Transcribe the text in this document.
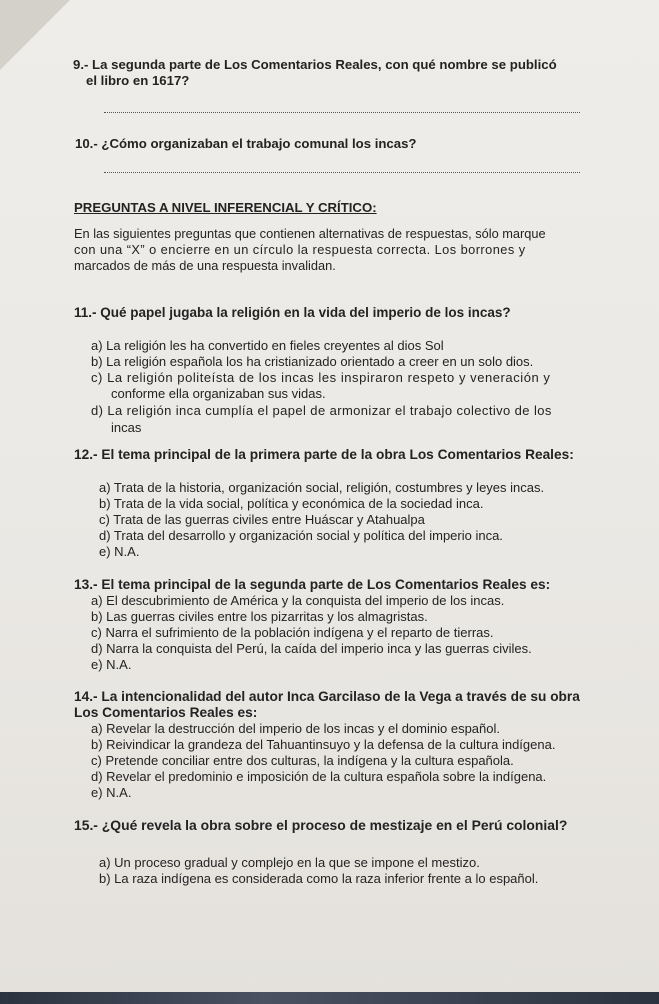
9.- La segunda parte de Los Comentarios Reales, con qué nombre se publicó
el libro en 1617?
10.- ¿Cómo organizaban el trabajo comunal los incas?
PREGUNTAS A NIVEL INFERENCIAL Y CRÍTICO:
En las siguientes preguntas que contienen alternativas de respuestas, sólo marque
con una “X” o encierre en un círculo la respuesta correcta. Los borrones y
marcados de más de una respuesta invalidan.
11.- Qué papel jugaba la religión en la vida del imperio de los incas?
a) La religión les ha convertido en fieles creyentes al dios Sol
b) La religión española los ha cristianizado orientado a creer en un solo dios.
c) La religión politeísta de los incas les inspiraron respeto y veneración y
conforme ella organizaban sus vidas.
d) La religión inca cumplía el papel de armonizar el trabajo colectivo de los
incas
12.- El tema principal de la primera parte de la obra Los Comentarios Reales:
a) Trata de la historia, organización social, religión, costumbres y leyes incas.
b) Trata de la vida social, política y económica de la sociedad inca.
c) Trata de las guerras civiles entre Huáscar y Atahualpa
d) Trata del desarrollo y organización social y política del imperio inca.
e) N.A.
13.- El tema principal de la segunda parte de Los Comentarios Reales es:
a) El descubrimiento de América y la conquista del imperio de los incas.
b) Las guerras civiles entre los pizarritas y los almagristas.
c) Narra el sufrimiento de la población indígena y el reparto de tierras.
d) Narra la conquista del Perú, la caída del imperio inca y las guerras civiles.
e) N.A.
14.- La intencionalidad del autor Inca Garcilaso de la Vega a través de su obra
Los Comentarios Reales es:
a) Revelar la destrucción del imperio de los incas y el dominio español.
b) Reivindicar la grandeza del Tahuantinsuyo y la defensa de la cultura indígena.
c) Pretende conciliar entre dos culturas, la indígena y la cultura española.
d) Revelar el predominio e imposición de la cultura española sobre la indígena.
e) N.A.
15.- ¿Qué revela la obra sobre el proceso de mestizaje en el Perú colonial?
a) Un proceso gradual y complejo en la que se impone el mestizo.
b) La raza indígena es considerada como la raza inferior frente a lo español.
